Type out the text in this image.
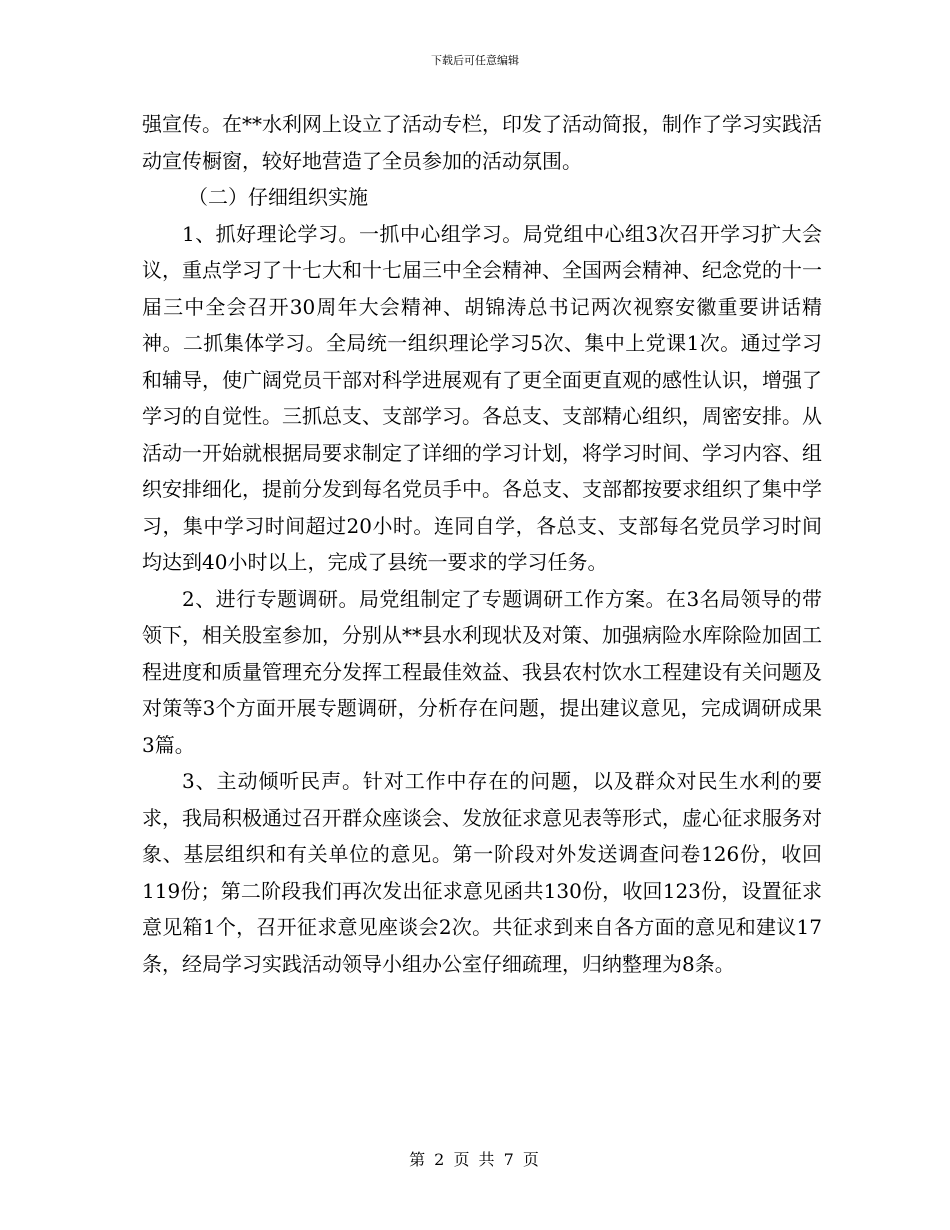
下载后可任意编辑

强宣传。在**水利网上设立了活动专栏，印发了活动简报，制作了学习实践活动宣传橱窗，较好地营造了全员参加的活动氛围。

（二）仔细组织实施

1、抓好理论学习。一抓中心组学习。局党组中心组3次召开学习扩大会议，重点学习了十七大和十七届三中全会精神、全国两会精神、纪念党的十一届三中全会召开30周年大会精神、胡锦涛总书记两次视察安徽重要讲话精神。二抓集体学习。全局统一组织理论学习5次、集中上党课1次。通过学习和辅导，使广阔党员干部对科学进展观有了更全面更直观的感性认识，增强了学习的自觉性。三抓总支、支部学习。各总支、支部精心组织，周密安排。从活动一开始就根据局要求制定了详细的学习计划，将学习时间、学习内容、组织安排细化，提前分发到每名党员手中。各总支、支部都按要求组织了集中学习，集中学习时间超过20小时。连同自学，各总支、支部每名党员学习时间均达到40小时以上，完成了县统一要求的学习任务。

2、进行专题调研。局党组制定了专题调研工作方案。在3名局领导的带领下，相关股室参加，分别从**县水利现状及对策、加强病险水库除险加固工程进度和质量管理充分发挥工程最佳效益、我县农村饮水工程建设有关问题及对策等3个方面开展专题调研，分析存在问题，提出建议意见，完成调研成果3篇。

3、主动倾听民声。针对工作中存在的问题，以及群众对民生水利的要求，我局积极通过召开群众座谈会、发放征求意见表等形式，虚心征求服务对象、基层组织和有关单位的意见。第一阶段对外发送调查问卷126份，收回119份；第二阶段我们再次发出征求意见函共130份，收回123份，设置征求意见箱1个，召开征求意见座谈会2次。共征求到来自各方面的意见和建议17条，经局学习实践活动领导小组办公室仔细疏理，归纳整理为8条。

第 2 页 共 7 页
